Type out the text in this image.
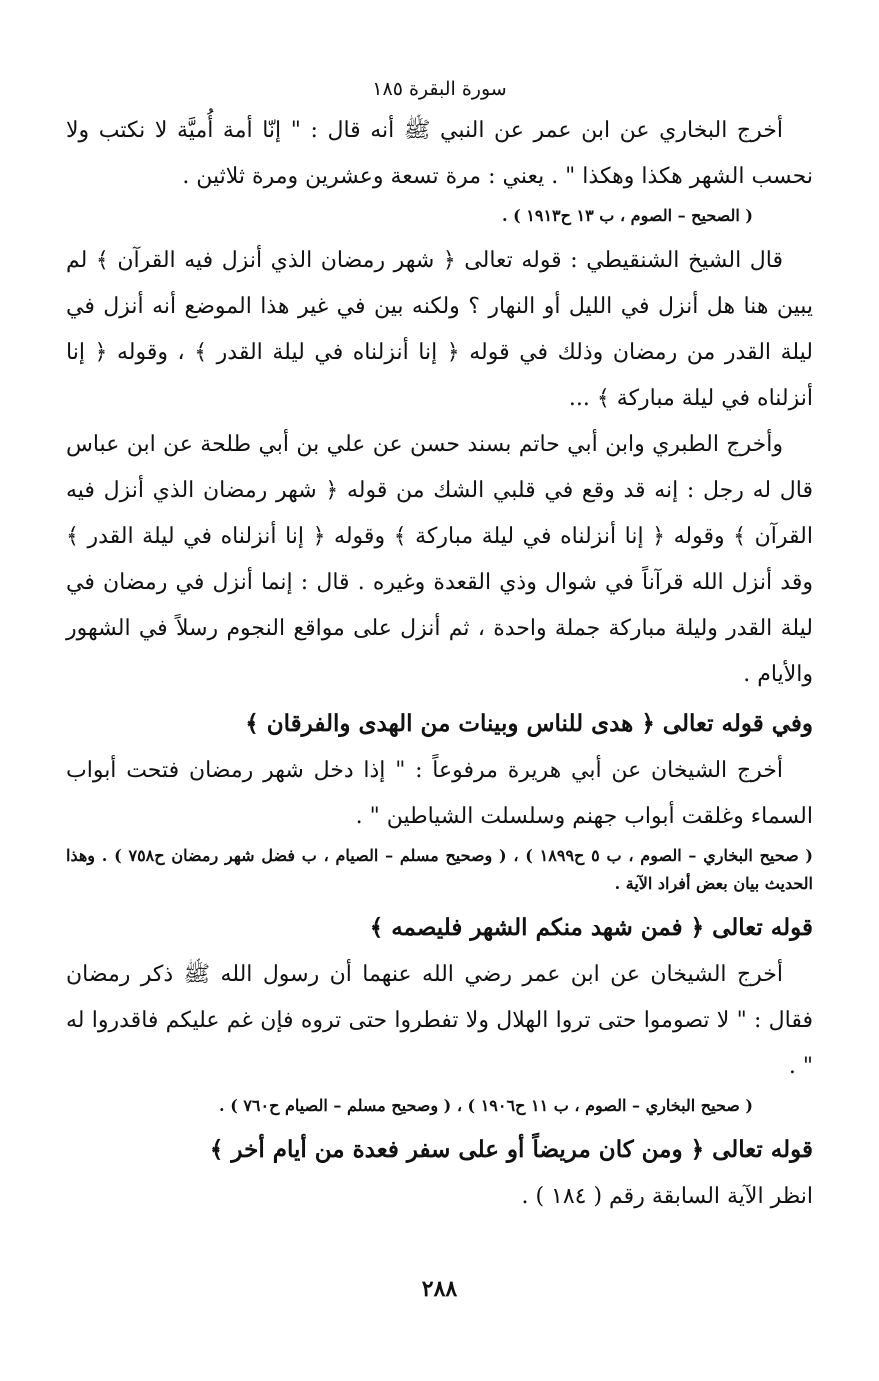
سورة البقرة ١٨٥

أخرج البخاري عن ابن عمر عن النبي ﷺ أنه قال : " إنّا أمة أُميَّة لا نكتب ولا نحسب الشهر هكذا وهكذا " . يعني : مرة تسعة وعشرين ومرة ثلاثين .

( الصحيح – الصوم ، ب ١٣ ح١٩١٣ ) .

قال الشيخ الشنقيطي : قوله تعالى ﴿ شهر رمضان الذي أنزل فيه القرآن ﴾ لم يبين هنا هل أنزل في الليل أو النهار ؟ ولكنه بين في غير هذا الموضع أنه أنزل في ليلة القدر من رمضان وذلك في قوله ﴿ إنا أنزلناه في ليلة القدر ﴾ ، وقوله ﴿ إنا أنزلناه في ليلة مباركة ﴾ ...

وأخرج الطبري وابن أبي حاتم بسند حسن عن علي بن أبي طلحة عن ابن عباس قال له رجل : إنه قد وقع في قلبي الشك من قوله ﴿ شهر رمضان الذي أنزل فيه القرآن ﴾ وقوله ﴿ إنا أنزلناه في ليلة مباركة ﴾ وقوله ﴿ إنا أنزلناه في ليلة القدر ﴾ وقد أنزل الله قرآناً في شوال وذي القعدة وغيره . قال : إنما أنزل في رمضان في ليلة القدر وليلة مباركة جملة واحدة ، ثم أنزل على مواقع النجوم رسلاً في الشهور والأيام .

وفي قوله تعالى ﴿ هدى للناس وبينات من الهدى والفرقان ﴾

أخرج الشيخان عن أبي هريرة مرفوعاً : " إذا دخل شهر رمضان فتحت أبواب السماء وغلقت أبواب جهنم وسلسلت الشياطين " .

( صحيح البخاري – الصوم ، ب ٥ ح١٨٩٩ ) ، ( وصحيح مسلم – الصيام ، ب فضل شهر رمضان ح٧٥٨ ) . وهذا الحديث بيان بعض أفراد الآية .

قوله تعالى ﴿ فمن شهد منكم الشهر فليصمه ﴾

أخرج الشيخان عن ابن عمر رضي الله عنهما أن رسول الله ﷺ ذكر رمضان فقال : " لا تصوموا حتى تروا الهلال ولا تفطروا حتى تروه فإن غم عليكم فاقدروا له " .

( صحيح البخاري – الصوم ، ب ١١ ح١٩٠٦ ) ، ( وصحيح مسلم – الصيام ح٧٦٠ ) .

قوله تعالى ﴿ ومن كان مريضاً أو على سفر فعدة من أيام أخر ﴾

انظر الآية السابقة رقم ( ١٨٤ ) .

٢٨٨
